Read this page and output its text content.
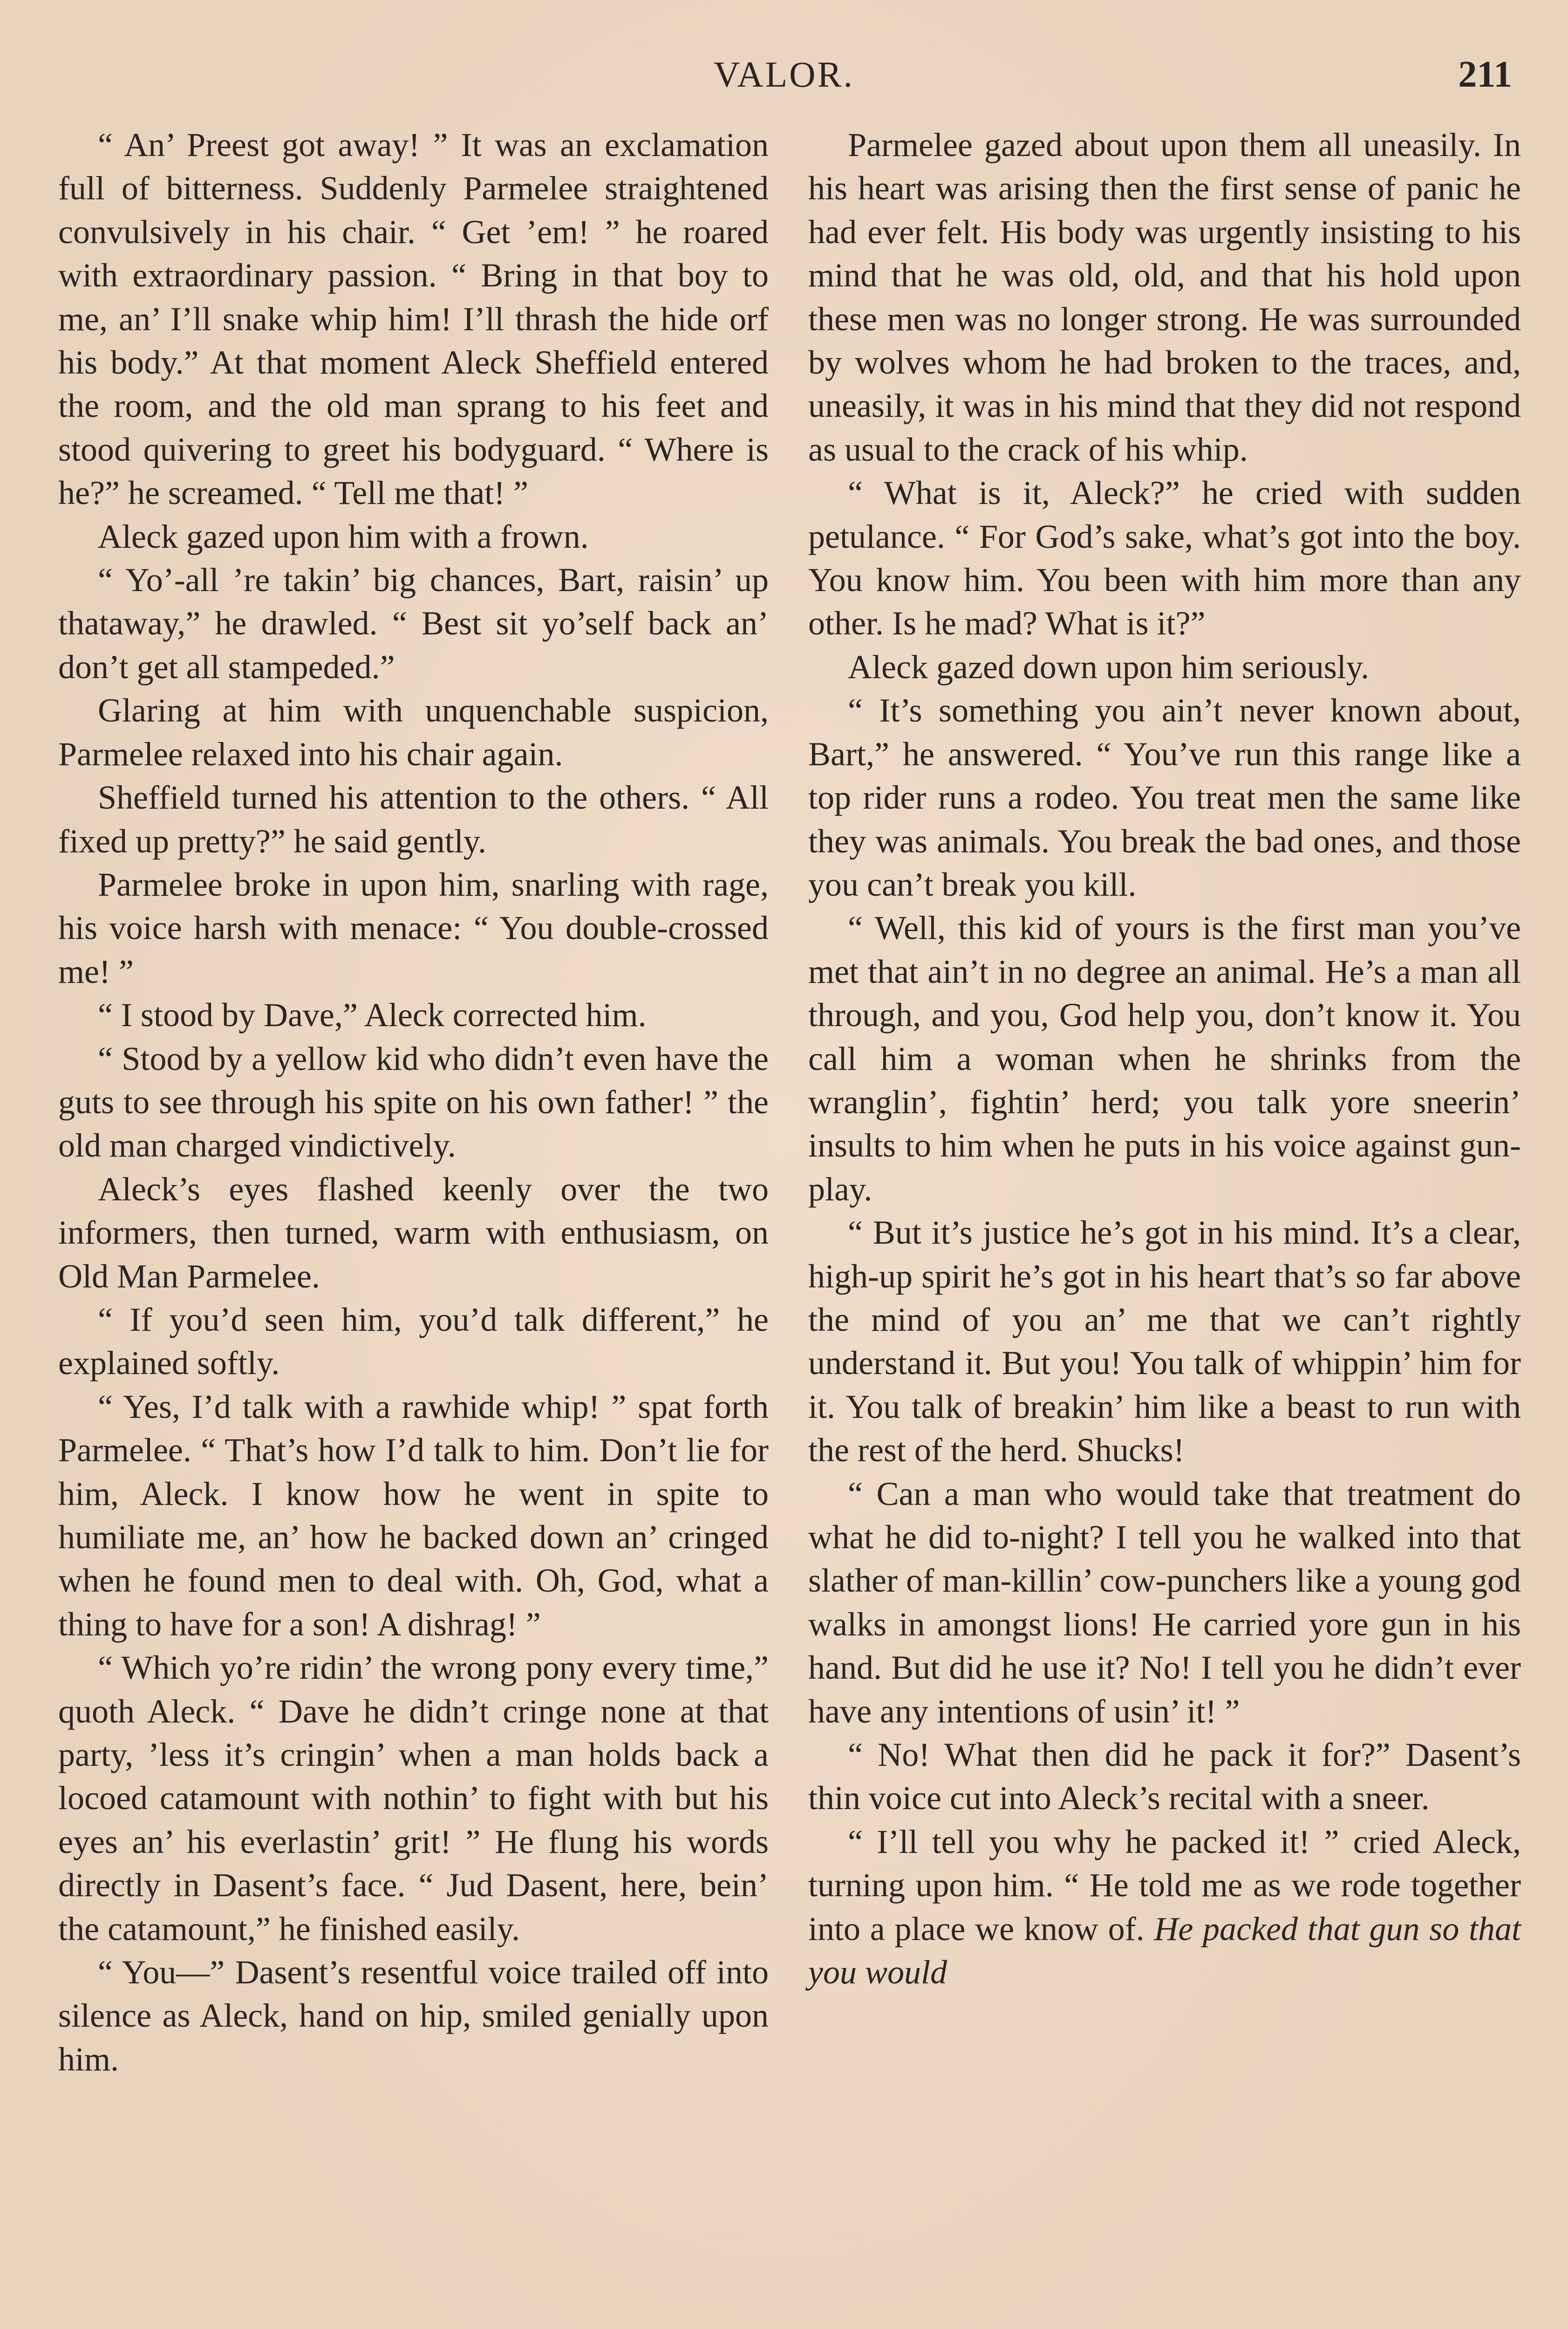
VALOR.	211

“ An’ Preest got away! ” It was an exclamation full of bitterness. Suddenly Parmelee straightened convulsively in his chair. “ Get ’em! ” he roared with extraordinary passion. “ Bring in that boy to me, an’ I’ll snake whip him! I’ll thrash the hide orf his body.” At that moment Aleck Sheffield entered the room, and the old man sprang to his feet and stood quivering to greet his bodyguard. “ Where is he?” he screamed. “ Tell me that! ”

Aleck gazed upon him with a frown.

“ Yo’-all ’re takin’ big chances, Bart, raisin’ up thataway,” he drawled. “ Best sit yo’self back an’ don’t get all stampeded.”

Glaring at him with unquenchable suspicion, Parmelee relaxed into his chair again.

Sheffield turned his attention to the others. “ All fixed up pretty?” he said gently.

Parmelee broke in upon him, snarling with rage, his voice harsh with menace: “ You double-crossed me! ”

“ I stood by Dave,” Aleck corrected him.

“ Stood by a yellow kid who didn’t even have the guts to see through his spite on his own father! ” the old man charged vindictively.

Aleck’s eyes flashed keenly over the two informers, then turned, warm with enthusiasm, on Old Man Parmelee.

“ If you’d seen him, you’d talk different,” he explained softly.

“ Yes, I’d talk with a rawhide whip! ” spat forth Parmelee. “ That’s how I’d talk to him. Don’t lie for him, Aleck. I know how he went in spite to humiliate me, an’ how he backed down an’ cringed when he found men to deal with. Oh, God, what a thing to have for a son! A dishrag! ”

“ Which yo’re ridin’ the wrong pony every time,” quoth Aleck. “ Dave he didn’t cringe none at that party, ’less it’s cringin’ when a man holds back a locoed catamount with nothin’ to fight with but his eyes an’ his everlastin’ grit! ” He flung his words directly in Dasent’s face. “ Jud Dasent, here, bein’ the catamount,” he finished easily.

“ You—” Dasent’s resentful voice trailed off into silence as Aleck, hand on hip, smiled genially upon him.

Parmelee gazed about upon them all uneasily. In his heart was arising then the first sense of panic he had ever felt. His body was urgently insisting to his mind that he was old, old, and that his hold upon these men was no longer strong. He was surrounded by wolves whom he had broken to the traces, and, uneasily, it was in his mind that they did not respond as usual to the crack of his whip.

“ What is it, Aleck?” he cried with sudden petulance. “ For God’s sake, what’s got into the boy. You know him. You been with him more than any other. Is he mad? What is it?”

Aleck gazed down upon him seriously.

“ It’s something you ain’t never known about, Bart,” he answered. “ You’ve run this range like a top rider runs a rodeo. You treat men the same like they was animals. You break the bad ones, and those you can’t break you kill.

“ Well, this kid of yours is the first man you’ve met that ain’t in no degree an animal. He’s a man all through, and you, God help you, don’t know it. You call him a woman when he shrinks from the wranglin’, fightin’ herd; you talk yore sneerin’ insults to him when he puts in his voice against gun-play.

“ But it’s justice he’s got in his mind. It’s a clear, high-up spirit he’s got in his heart that’s so far above the mind of you an’ me that we can’t rightly understand it. But you! You talk of whippin’ him for it. You talk of breakin’ him like a beast to run with the rest of the herd. Shucks!

“ Can a man who would take that treatment do what he did to-night? I tell you he walked into that slather of man-killin’ cow-punchers like a young god walks in amongst lions! He carried yore gun in his hand. But did he use it? No! I tell you he didn’t ever have any intentions of usin’ it! ”

“ No! What then did he pack it for?” Dasent’s thin voice cut into Aleck’s recital with a sneer.

“ I’ll tell you why he packed it! ” cried Aleck, turning upon him. “ He told me as we rode together into a place we know of. He packed that gun so that you would
